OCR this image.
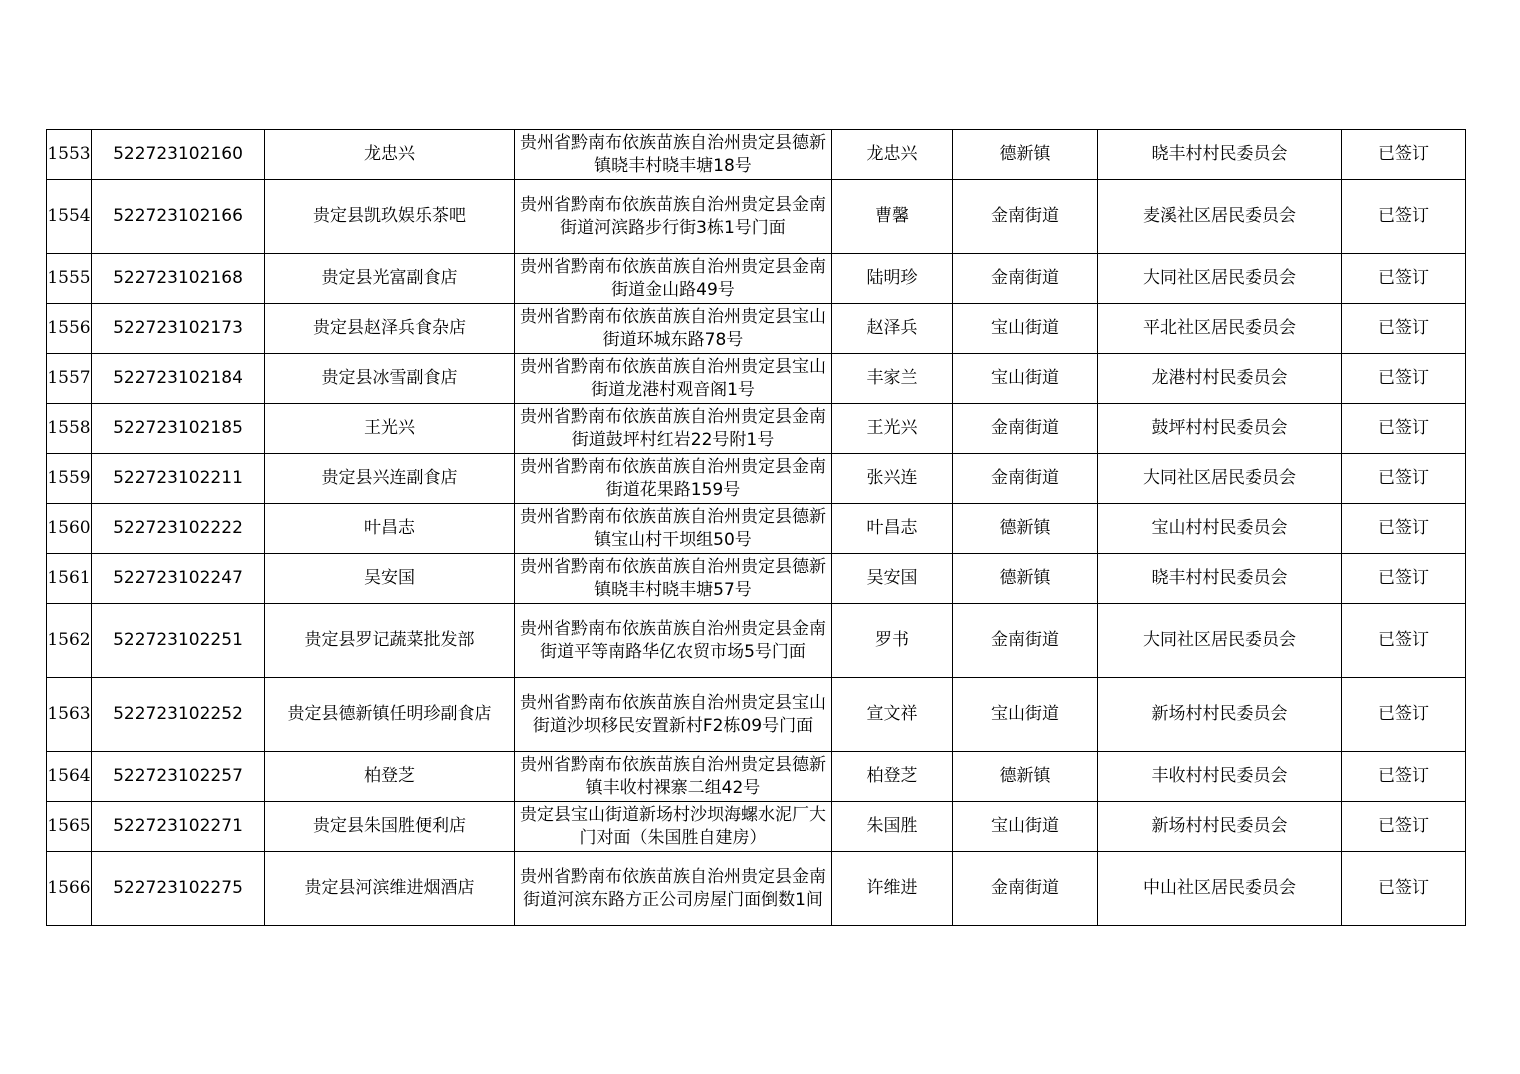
1553	522723102160	龙忠兴	贵州省黔南布依族苗族自治州贵定县德新镇晓丰村晓丰塘18号	龙忠兴	德新镇	晓丰村村民委员会	已签订
1554	522723102166	贵定县凯玖娱乐茶吧	贵州省黔南布依族苗族自治州贵定县金南街道河滨路步行街3栋1号门面	曹馨	金南街道	麦溪社区居民委员会	已签订
1555	522723102168	贵定县光富副食店	贵州省黔南布依族苗族自治州贵定县金南街道金山路49号	陆明珍	金南街道	大同社区居民委员会	已签订
1556	522723102173	贵定县赵泽兵食杂店	贵州省黔南布依族苗族自治州贵定县宝山街道环城东路78号	赵泽兵	宝山街道	平北社区居民委员会	已签订
1557	522723102184	贵定县冰雪副食店	贵州省黔南布依族苗族自治州贵定县宝山街道龙港村观音阁1号	丰家兰	宝山街道	龙港村村民委员会	已签订
1558	522723102185	王光兴	贵州省黔南布依族苗族自治州贵定县金南街道鼓坪村红岩22号附1号	王光兴	金南街道	鼓坪村村民委员会	已签订
1559	522723102211	贵定县兴连副食店	贵州省黔南布依族苗族自治州贵定县金南街道花果路159号	张兴连	金南街道	大同社区居民委员会	已签订
1560	522723102222	叶昌志	贵州省黔南布依族苗族自治州贵定县德新镇宝山村干坝组50号	叶昌志	德新镇	宝山村村民委员会	已签订
1561	522723102247	吴安国	贵州省黔南布依族苗族自治州贵定县德新镇晓丰村晓丰塘57号	吴安国	德新镇	晓丰村村民委员会	已签订
1562	522723102251	贵定县罗记蔬菜批发部	贵州省黔南布依族苗族自治州贵定县金南街道平等南路华亿农贸市场5号门面	罗书	金南街道	大同社区居民委员会	已签订
1563	522723102252	贵定县德新镇任明珍副食店	贵州省黔南布依族苗族自治州贵定县宝山街道沙坝移民安置新村F2栋09号门面	宣文祥	宝山街道	新场村村民委员会	已签订
1564	522723102257	柏登芝	贵州省黔南布依族苗族自治州贵定县德新镇丰收村裸寨二组42号	柏登芝	德新镇	丰收村村民委员会	已签订
1565	522723102271	贵定县朱国胜便利店	贵定县宝山街道新场村沙坝海螺水泥厂大门对面（朱国胜自建房）	朱国胜	宝山街道	新场村村民委员会	已签订
1566	522723102275	贵定县河滨维进烟酒店	贵州省黔南布依族苗族自治州贵定县金南街道河滨东路方正公司房屋门面倒数1间	许维进	金南街道	中山社区居民委员会	已签订
